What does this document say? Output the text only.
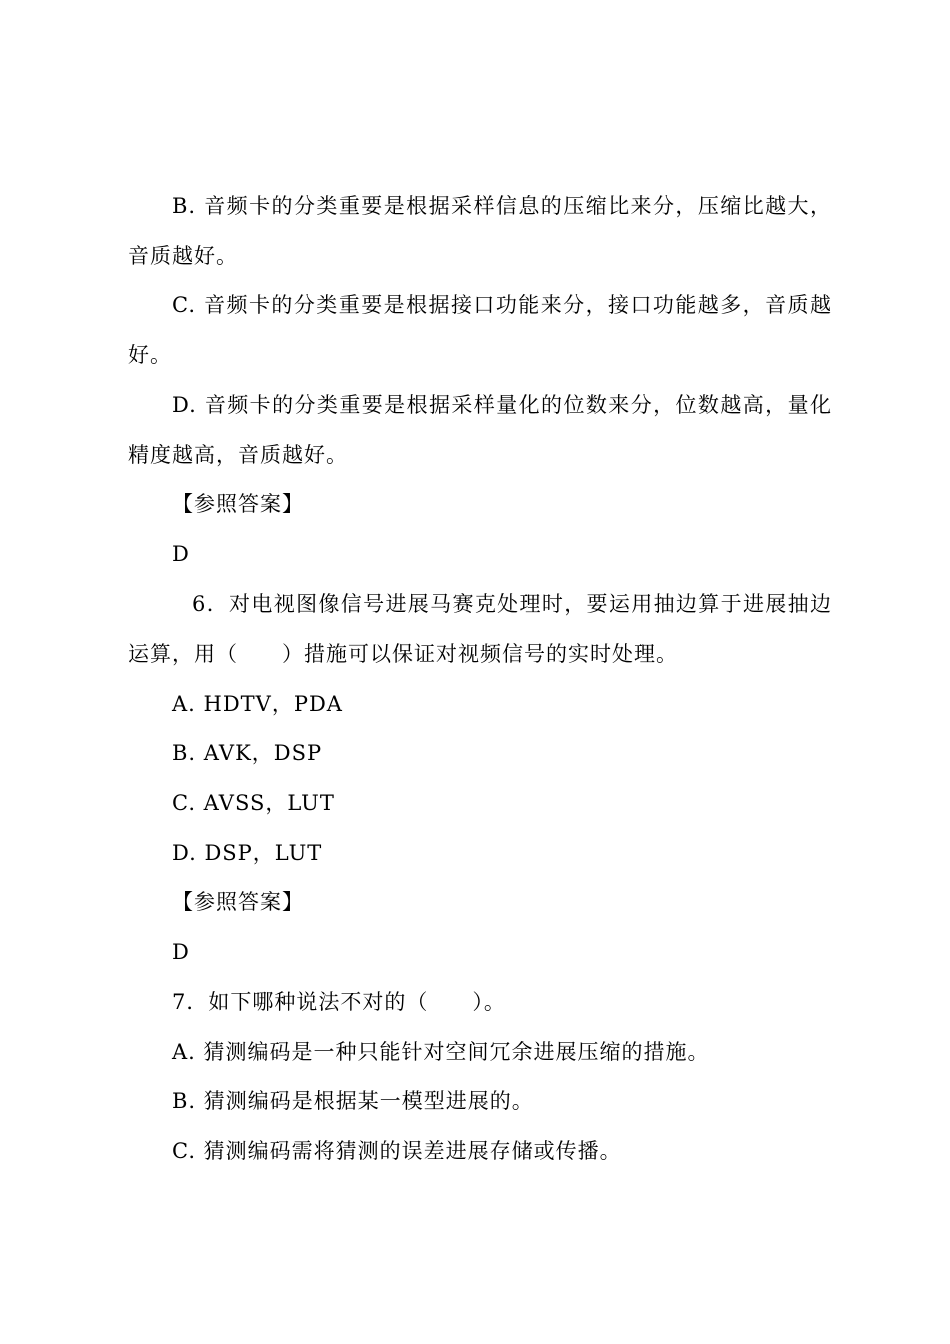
B. 音频卡的分类重要是根据采样信息的压缩比来分，压缩比越大，
音质越好。
C. 音频卡的分类重要是根据接口功能来分，接口功能越多，音质越
好。
D. 音频卡的分类重要是根据采样量化的位数来分，位数越高，量化
精度越高，音质越好。
【参照答案】
D
6．对电视图像信号进展马赛克处理时，要运用抽边算于进展抽边
运算，用（　　）措施可以保证对视频信号的实时处理。
A. HDTV，PDA
B. AVK，DSP
C. AVSS，LUT
D. DSP，LUT
【参照答案】
D
7．如下哪种说法不对的（　　）。
A. 猜测编码是一种只能针对空间冗余进展压缩的措施。
B. 猜测编码是根据某一模型进展的。
C. 猜测编码需将猜测的误差进展存储或传播。
